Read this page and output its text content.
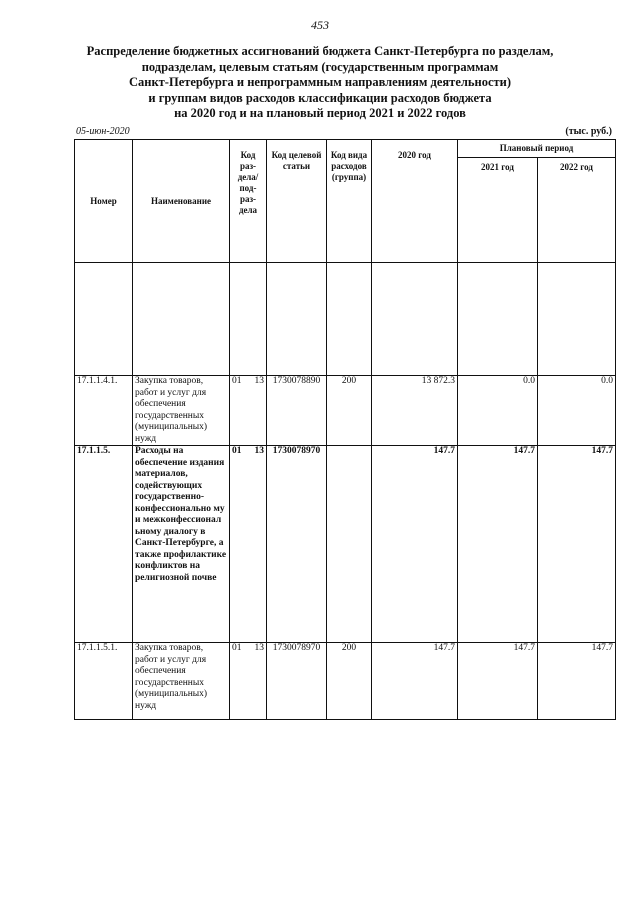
453
Распределение бюджетных ассигнований бюджета Санкт-Петербурга по разделам,
подразделам, целевым статьям (государственным программам
Санкт-Петербурга и непрограммным направлениям деятельности)
и группам видов расходов классификации расходов бюджета
на 2020 год и на плановый период 2021 и 2022 годов
05-июн-2020	(тыс. руб.)
Номер	Наименование	Код раз-дела/ под-раз-дела	Код целевой статьи	Код вида расходов (группа)	2020 год	Плановый период	
						2021 год	2022 год

17.1.1.4.1.	Закупка товаров, работ и услуг для обеспечения государственных (муниципальных) нужд	01 13	1730078890	200	13 872.3	0.0	0.0
17.1.1.5.	Расходы на обеспечение издания материалов, содействующих государственно-конфессионально му и межконфессионал ьному диалогу в Санкт-Петербурге, а также профилактике конфликтов на религиозной почве	01 13	1730078970		147.7	147.7	147.7
17.1.1.5.1.	Закупка товаров, работ и услуг для обеспечения государственных (муниципальных) нужд	01 13	1730078970	200	147.7	147.7	147.7
